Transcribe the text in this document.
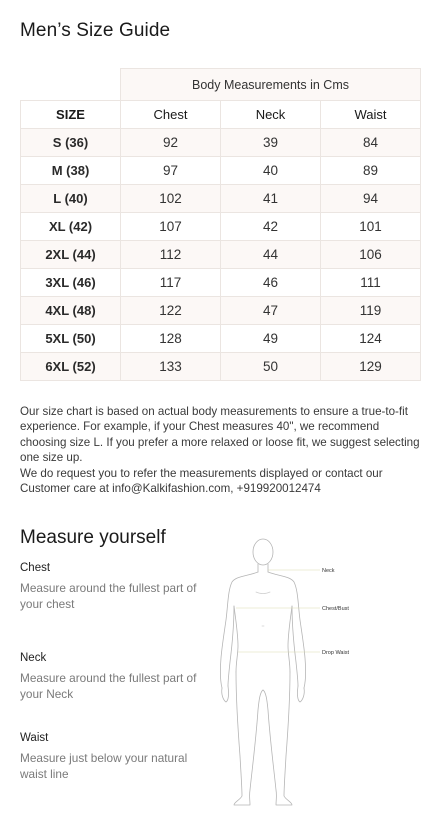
Men’s Size Guide
	Body Measurements in Cms		
SIZE	Chest	Neck	Waist
S (36)	92	39	84
M (38)	97	40	89
L (40)	102	41	94
XL (42)	107	42	101
2XL (44)	112	44	106
3XL (46)	117	46	111
4XL (48)	122	47	119
5XL (50)	128	49	124
6XL (52)	133	50	129

Our size chart is based on actual body measurements to ensure a true-to-fit experience. For example, if your Chest measures 40", we recommend choosing size L. If you prefer a more relaxed or loose fit, we suggest selecting one size up.

We do request you to refer the measurements displayed or contact our Customer care at info@Kalkifashion.com, +919920012474

Measure yourself
Chest
Measure around the fullest part of your chest
Neck
Measure around the fullest part of your Neck
Waist
Measure just below your natural waist line
Neck
Chest/Bust
Drop Waist
